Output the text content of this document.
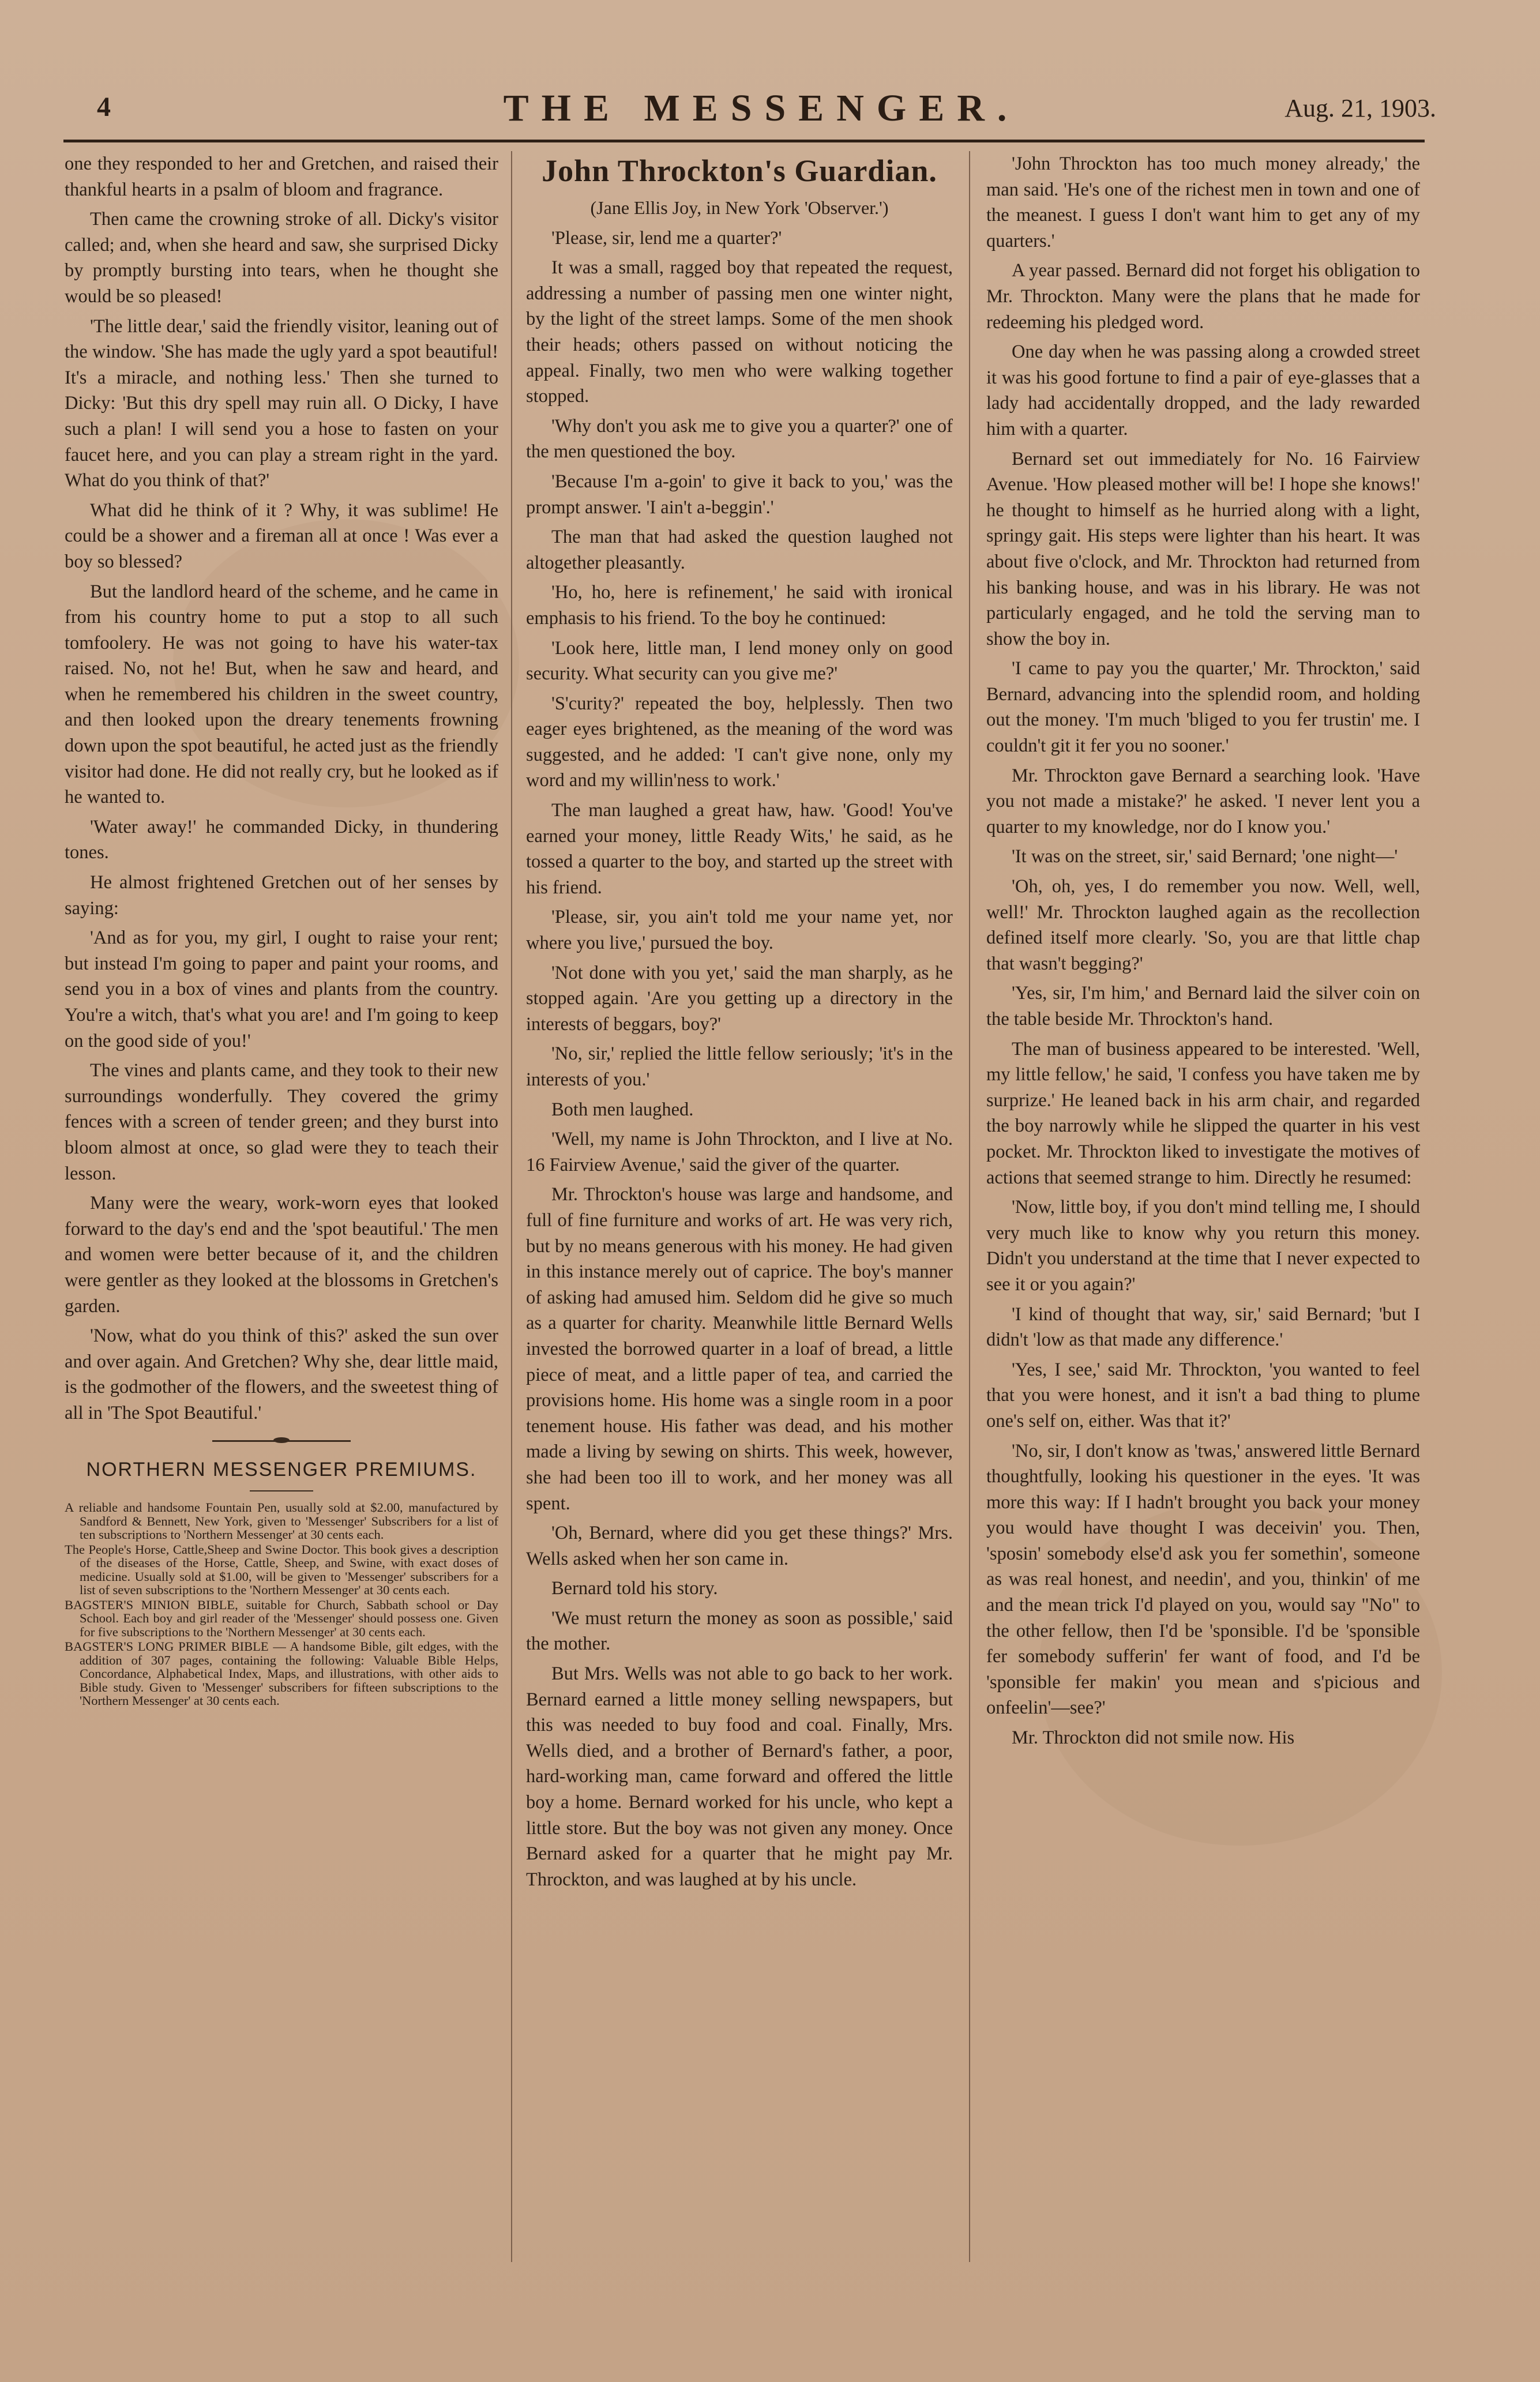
4	THE MESSENGER.	Aug. 21, 1903.

one they responded to her and Gretchen, and raised their thankful hearts in a psalm of bloom and fragrance.

Then came the crowning stroke of all. Dicky's visitor called; and, when she heard and saw, she surprised Dicky by promptly bursting into tears, when he thought she would be so pleased!

'The little dear,' said the friendly visitor, leaning out of the window. 'She has made the ugly yard a spot beautiful! It's a miracle, and nothing less.' Then she turned to Dicky: 'But this dry spell may ruin all. O Dicky, I have such a plan! I will send you a hose to fasten on your faucet here, and you can play a stream right in the yard. What do you think of that?'

What did he think of it ? Why, it was sublime! He could be a shower and a fireman all at once ! Was ever a boy so blessed?

But the landlord heard of the scheme, and he came in from his country home to put a stop to all such tomfoolery. He was not going to have his water-tax raised. No, not he! But, when he saw and heard, and when he remembered his children in the sweet country, and then looked upon the dreary tenements frowning down upon the spot beautiful, he acted just as the friendly visitor had done. He did not really cry, but he looked as if he wanted to.

'Water away!' he commanded Dicky, in thundering tones.

He almost frightened Gretchen out of her senses by saying:

'And as for you, my girl, I ought to raise your rent; but instead I'm going to paper and paint your rooms, and send you in a box of vines and plants from the country. You're a witch, that's what you are! and I'm going to keep on the good side of you!'

The vines and plants came, and they took to their new surroundings wonderfully. They covered the grimy fences with a screen of tender green; and they burst into bloom almost at once, so glad were they to teach their lesson.

Many were the weary, work-worn eyes that looked forward to the day's end and the 'spot beautiful.' The men and women were better because of it, and the children were gentler as they looked at the blossoms in Gretchen's garden.

'Now, what do you think of this?' asked the sun over and over again. And Gretchen? Why she, dear little maid, is the godmother of the flowers, and the sweetest thing of all in 'The Spot Beautiful.'

NORTHERN MESSENGER PREMIUMS.

A reliable and handsome Fountain Pen, usually sold at $2.00, manufactured by Sandford & Bennett, New York, given to 'Messenger' Subscribers for a list of ten subscriptions to 'Northern Messenger' at 30 cents each.

The People's Horse, Cattle,Sheep and Swine Doctor. This book gives a description of the diseases of the Horse, Cattle, Sheep, and Swine, with exact doses of medicine. Usually sold at $1.00, will be given to 'Messenger' subscribers for a list of seven subscriptions to the 'Northern Messenger' at 30 cents each.

BAGSTER'S MINION BIBLE, suitable for Church, Sabbath school or Day School. Each boy and girl reader of the 'Messenger' should possess one. Given for five subscriptions to the 'Northern Messenger' at 30 cents each.

BAGSTER'S LONG PRIMER BIBLE — A handsome Bible, gilt edges, with the addition of 307 pages, containing the following: Valuable Bible Helps, Concordance, Alphabetical Index, Maps, and illustrations, with other aids to Bible study. Given to 'Messenger' subscribers for fifteen subscriptions to the 'Northern Messenger' at 30 cents each.

John Throckton's Guardian.
(Jane Ellis Joy, in New York 'Observer.')

'Please, sir, lend me a quarter?'

It was a small, ragged boy that repeated the request, addressing a number of passing men one winter night, by the light of the street lamps. Some of the men shook their heads; others passed on without noticing the appeal. Finally, two men who were walking together stopped.

'Why don't you ask me to give you a quarter?' one of the men questioned the boy.

'Because I'm a-goin' to give it back to you,' was the prompt answer. 'I ain't a-beggin'.'

The man that had asked the question laughed not altogether pleasantly.

'Ho, ho, here is refinement,' he said with ironical emphasis to his friend. To the boy he continued:

'Look here, little man, I lend money only on good security. What security can you give me?'

'S'curity?' repeated the boy, helplessly. Then two eager eyes brightened, as the meaning of the word was suggested, and he added: 'I can't give none, only my word and my willin'ness to work.'

The man laughed a great haw, haw. 'Good! You've earned your money, little Ready Wits,' he said, as he tossed a quarter to the boy, and started up the street with his friend.

'Please, sir, you ain't told me your name yet, nor where you live,' pursued the boy.

'Not done with you yet,' said the man sharply, as he stopped again. 'Are you getting up a directory in the interests of beggars, boy?'

'No, sir,' replied the little fellow seriously; 'it's in the interests of you.'

Both men laughed.

'Well, my name is John Throckton, and I live at No. 16 Fairview Avenue,' said the giver of the quarter.

Mr. Throckton's house was large and handsome, and full of fine furniture and works of art. He was very rich, but by no means generous with his money. He had given in this instance merely out of caprice. The boy's manner of asking had amused him. Seldom did he give so much as a quarter for charity. Meanwhile little Bernard Wells invested the borrowed quarter in a loaf of bread, a little piece of meat, and a little paper of tea, and carried the provisions home. His home was a single room in a poor tenement house. His father was dead, and his mother made a living by sewing on shirts. This week, however, she had been too ill to work, and her money was all spent.

'Oh, Bernard, where did you get these things?' Mrs. Wells asked when her son came in.

Bernard told his story.

'We must return the money as soon as possible,' said the mother.

But Mrs. Wells was not able to go back to her work. Bernard earned a little money selling newspapers, but this was needed to buy food and coal. Finally, Mrs. Wells died, and a brother of Bernard's father, a poor, hard-working man, came forward and offered the little boy a home. Bernard worked for his uncle, who kept a little store. But the boy was not given any money. Once Bernard asked for a quarter that he might pay Mr. Throckton, and was laughed at by his uncle.

'John Throckton has too much money already,' the man said. 'He's one of the richest men in town and one of the meanest. I guess I don't want him to get any of my quarters.'

A year passed. Bernard did not forget his obligation to Mr. Throckton. Many were the plans that he made for redeeming his pledged word.

One day when he was passing along a crowded street it was his good fortune to find a pair of eye-glasses that a lady had accidentally dropped, and the lady rewarded him with a quarter.

Bernard set out immediately for No. 16 Fairview Avenue. 'How pleased mother will be! I hope she knows!' he thought to himself as he hurried along with a light, springy gait. His steps were lighter than his heart. It was about five o'clock, and Mr. Throckton had returned from his banking house, and was in his library. He was not particularly engaged, and he told the serving man to show the boy in.

'I came to pay you the quarter,' Mr. Throckton,' said Bernard, advancing into the splendid room, and holding out the money. 'I'm much 'bliged to you fer trustin' me. I couldn't git it fer you no sooner.'

Mr. Throckton gave Bernard a searching look. 'Have you not made a mistake?' he asked. 'I never lent you a quarter to my knowledge, nor do I know you.'

'It was on the street, sir,' said Bernard; 'one night—'

'Oh, oh, yes, I do remember you now. Well, well, well!' Mr. Throckton laughed again as the recollection defined itself more clearly. 'So, you are that little chap that wasn't begging?'

'Yes, sir, I'm him,' and Bernard laid the silver coin on the table beside Mr. Throckton's hand.

The man of business appeared to be interested. 'Well, my little fellow,' he said, 'I confess you have taken me by surprize.' He leaned back in his arm chair, and regarded the boy narrowly while he slipped the quarter in his vest pocket. Mr. Throckton liked to investigate the motives of actions that seemed strange to him. Directly he resumed:

'Now, little boy, if you don't mind telling me, I should very much like to know why you return this money. Didn't you understand at the time that I never expected to see it or you again?'

'I kind of thought that way, sir,' said Bernard; 'but I didn't 'low as that made any difference.'

'Yes, I see,' said Mr. Throckton, 'you wanted to feel that you were honest, and it isn't a bad thing to plume one's self on, either. Was that it?'

'No, sir, I don't know as 'twas,' answered little Bernard thoughtfully, looking his questioner in the eyes. 'It was more this way: If I hadn't brought you back your money you would have thought I was deceivin' you. Then, 'sposin' somebody else'd ask you fer somethin', someone as was real honest, and needin', and you, thinkin' of me and the mean trick I'd played on you, would say "No" to the other fellow, then I'd be 'sponsible. I'd be 'sponsible fer somebody sufferin' fer want of food, and I'd be 'sponsible fer makin' you mean and s'picious and onfeelin'—see?'

Mr. Throckton did not smile now. His
